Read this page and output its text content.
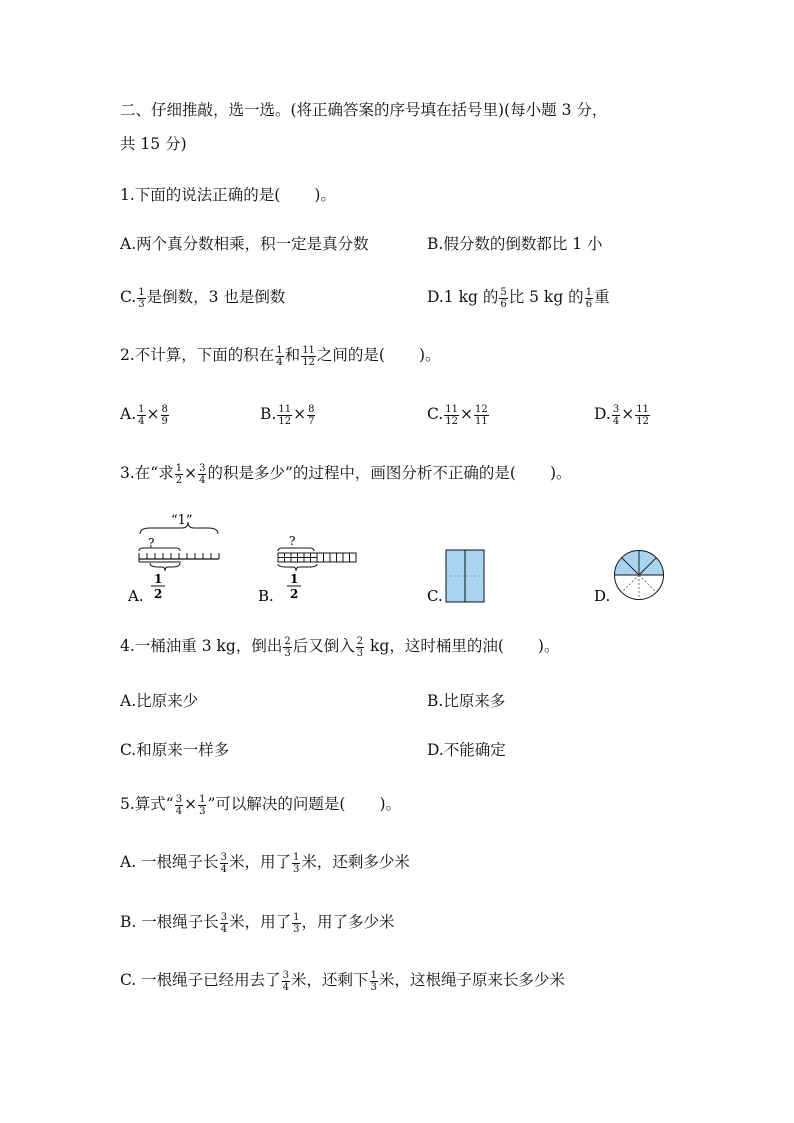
二、仔细推敲，选一选。(将正确答案的序号填在括号里)(每小题 3 分，
共 15 分)
1.下面的说法正确的是( )。
A.两个真分数相乘，积一定是真分数	B.假分数的倒数都比 1 小
C. $\frac{1}{3}$ 是倒数，3 也是倒数	D.1 kg 的 $\frac{5}{6}$ 比 5 kg 的 $\frac{1}{6}$ 重
2.不计算，下面的积在 $\frac{1}{4}$ 和 $\frac{11}{12}$ 之间的是( )。
A. $\frac{1}{4} \times \frac{8}{9}$	B. $\frac{11}{12} \times \frac{8}{7}$	C. $\frac{11}{12} \times \frac{12}{11}$	D. $\frac{3}{4} \times \frac{11}{12}$
3.在“求 $\frac{1}{2} \times \frac{3}{4}$ 的积是多少”的过程中，画图分析不正确的是( )。
A.
“1”
?
1
2	B.
?
1
2	C.	D.
4.一桶油重 3 kg，倒出 $\frac{2}{3}$ 后又倒入 $\frac{2}{3}$ kg，这时桶里的油( )。
A.比原来少	B.比原来多
C.和原来一样多	D.不能确定
5.算式“ $\frac{3}{4} \times \frac{1}{3}$ ”可以解决的问题是( )。
A. 一根绳子长 $\frac{3}{4}$ 米，用了 $\frac{1}{3}$ 米，还剩多少米
B. 一根绳子长 $\frac{3}{4}$ 米，用了 $\frac{1}{3}$ ，用了多少米
C. 一根绳子已经用去了 $\frac{3}{4}$ 米，还剩下 $\frac{1}{3}$ 米，这根绳子原来长多少米
